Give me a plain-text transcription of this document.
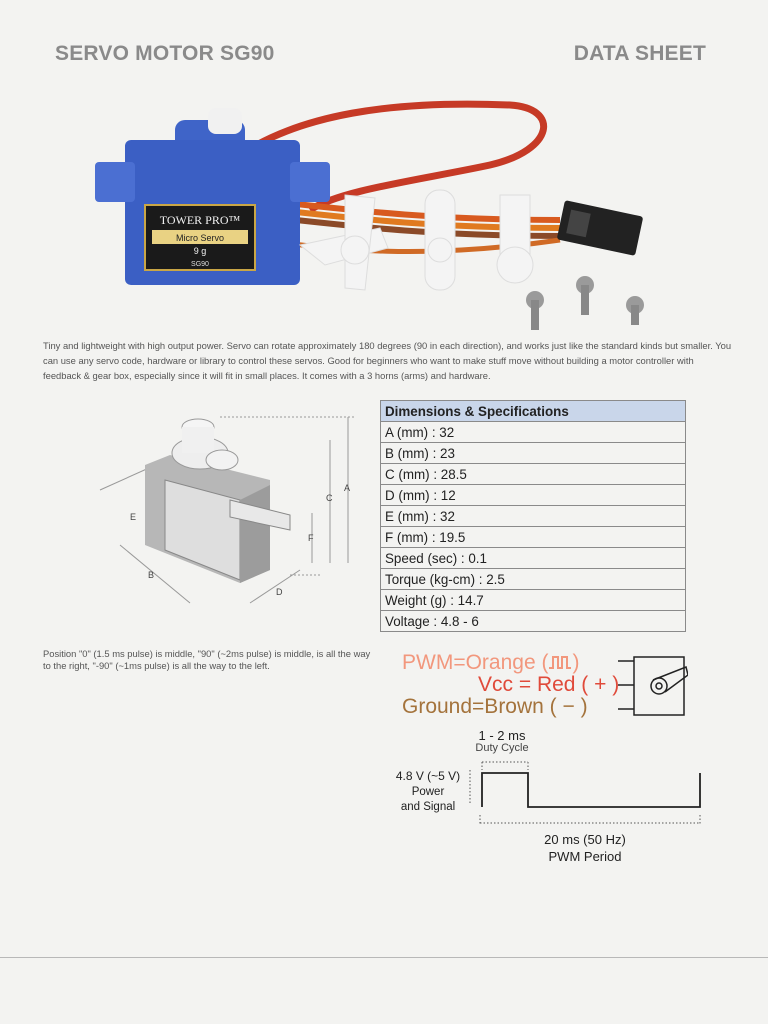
SERVO MOTOR SG90	DATA SHEET
TOWER PRO™
Micro Servo
9 g
SG90
Tiny and lightweight with high output power. Servo can rotate approximately 180 degrees (90 in each direction), and works just like the standard kinds but smaller. You can use any servo code, hardware or library to control these servos. Good for beginners who want to make stuff move without building a motor controller with feedback & gear box, especially since it will fit in small places. It comes with a 3 horns (arms) and hardware.
A
C
F
E
B
D
Dimensions & Specifications
A (mm) : 32
B (mm) : 23
C (mm) : 28.5
D (mm) : 12
E (mm) : 32
F (mm) : 19.5
Speed (sec) : 0.1
Torque (kg-cm) : 2.5
Weight (g) : 14.7
Voltage : 4.8 - 6
Position "0" (1.5 ms pulse) is middle, "90" (~2ms pulse) is middle, is all the way to the right, "-90" (~1ms pulse) is all the way to the left.	PWM=Orange ( )
Vcc = Red ( + )
Ground=Brown ( − )
1 - 2 ms
Duty Cycle
4.8 V (~5 V)
Power
and Signal
20 ms (50 Hz)
PWM Period
